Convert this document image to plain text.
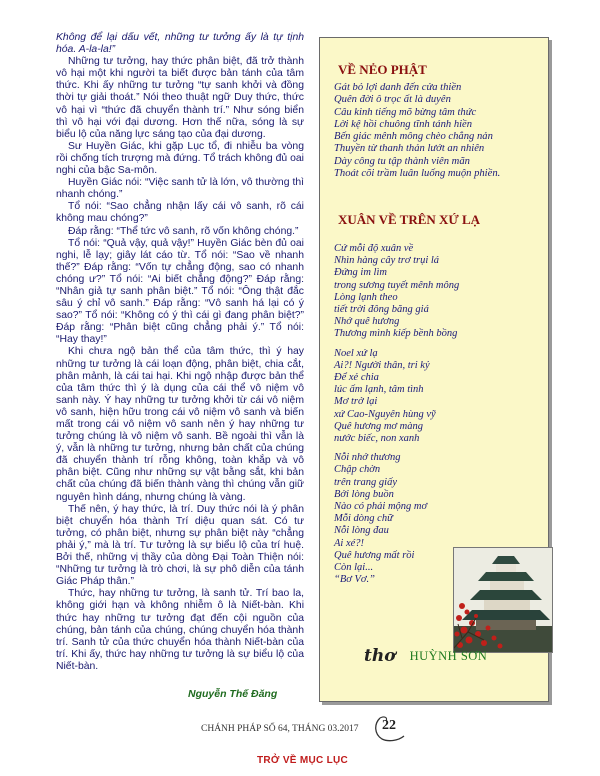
Không để lại dấu vết, những tư tưởng ấy là tự tịnh hóa. A-la-la!”

Những tư tưởng, hay thức phân biệt, đã trở thành vô hại một khi người ta biết được bản tánh của tâm thức. Khi ấy những tư tưởng “tự sanh khởi và đồng thời tự giải thoát.” Nói theo thuật ngữ Duy thức, thức vô hại vì “thức đã chuyển thành trí.” Như sóng biển thì vô hại với đại dương. Hơn thế nữa, sóng là sự biểu lộ của năng lực sáng tạo của đại dương.

Sư Huyền Giác, khi gặp Lục tổ, đi nhiễu ba vòng rồi chống tích trượng mà đứng. Tổ trách không đủ oai nghi của bậc Sa-môn.

Huyền Giác nói: “Việc sanh tử là lớn, vô thường thì nhanh chóng.”

Tổ nói: “Sao chẳng nhận lấy cái vô sanh, rõ cái không mau chóng?”

Đáp rằng: “Thể tức vô sanh, rõ vốn không chóng.”

Tổ nói: “Quả vậy, quả vậy!” Huyền Giác bèn đủ oai nghi, lễ lạy; giây lát cáo từ. Tổ nói: “Sao về nhanh thế?” Đáp rằng: “Vốn tự chẳng động, sao có nhanh chóng ư?” Tổ nói: “Ai biết chẳng động?” Đáp rằng: “Nhân giả tự sanh phân biệt.” Tổ nói: “Ông thật đắc sâu ý chỉ vô sanh.” Đáp rằng: “Vô sanh há lại có ý sao?” Tổ nói: “Không có ý thì cái gì đang phân biệt?” Đáp rằng: “Phân biệt cũng chẳng phải ý.” Tổ nói: “Hay thay!”

Khi chưa ngộ bản thể của tâm thức, thì ý hay những tư tưởng là cái loạn động, phân biệt, chia cắt, phân mảnh, là cái tai hại. Khi ngộ nhập được bản thể của tâm thức thì ý là dụng của cái thể vô niệm vô sanh này. Ý hay những tư tưởng khởi từ cái vô niệm vô sanh, hiện hữu trong cái vô niệm vô sanh và biến mất trong cái vô niệm vô sanh nên ý hay những tư tưởng chúng là vô niệm vô sanh. Bề ngoài thì vẫn là ý, vẫn là những tư tưởng, nhưng bản chất của chúng đã chuyển thành trí rỗng không, toàn khắp và vô phân biệt. Cũng như những sự vật bằng sắt, khi bản chất của chúng đã biến thành vàng thì chúng vẫn giữ nguyên hình dáng, nhưng chúng là vàng.

Thế nên, ý hay thức, là trí. Duy thức nói là ý phân biệt chuyển hóa thành Trí diệu quan sát. Có tư tưởng, có phân biệt, nhưng sự phân biệt này “chẳng phải ý,” mà là trí. Tư tưởng là sự biểu lộ của trí huệ. Bởi thế, những vị thầy của dòng Đại Toàn Thiện nói: “Những tư tưởng là trò chơi, là sự phô diễn của tánh Giác Pháp thân.”

Thức, hay những tư tưởng, là sanh tử. Trí bao la, không giới hạn và không nhiễm ô là Niết-bàn. Khi thức hay những tư tưởng đạt đến cội nguồn của chúng, bản tánh của chúng, chúng chuyển hóa thành trí. Sanh tử của thức chuyển hóa thành Niết-bàn của trí. Khi ấy, thức hay những tư tưởng là sự biểu lộ của Niết-bàn.

Nguyễn Thế Đăng
VỀ NẺO PHẬT
Gát bỏ lợi danh đến cửa thiền
Quên đời ô trọc ất là duyên
Câu kinh tiếng mõ bừng tâm thức
Lời kệ hồi chuông tĩnh tánh hiền
Bến giác mênh mông chèo chẳng nản
Thuyền từ thanh thản lướt an nhiên
Dày công tu tập thành viên mãn
Thoát cõi trầm luân luống muộn phiền.
XUÂN VỀ TRÊN XỨ LẠ
Cứ mỗi độ xuân về
Nhìn hàng cây trơ trụi lá
Đứng im lìm
trong sương tuyết mênh mông
Lòng lạnh theo
tiết trời đông băng giá
Nhớ quê hương
Thương mình kiếp bềnh bồng
Noel xứ lạ
Ai?! Người thân, tri kỷ
Để xẻ chia
lúc ấm lạnh, tâm tình
Mơ trở lại
xứ Cao-Nguyên hùng vỹ
Quê hương mơ màng
nước biếc, non xanh
Nỗi nhớ thương
Chập chờn
trên trang giấy
Bởi lòng buồn
Nào có phải mộng mơ
Mỗi dòng chữ
Nỗi lòng đau
Ai xé?!
Quê hương mất rồi
Còn lại...
“Bơ Vơ.”
thơ HUỲNH SƠN
CHÁNH PHÁP SỐ 64, THÁNG 03.2017 22
TRỞ VỀ MỤC LỤC
